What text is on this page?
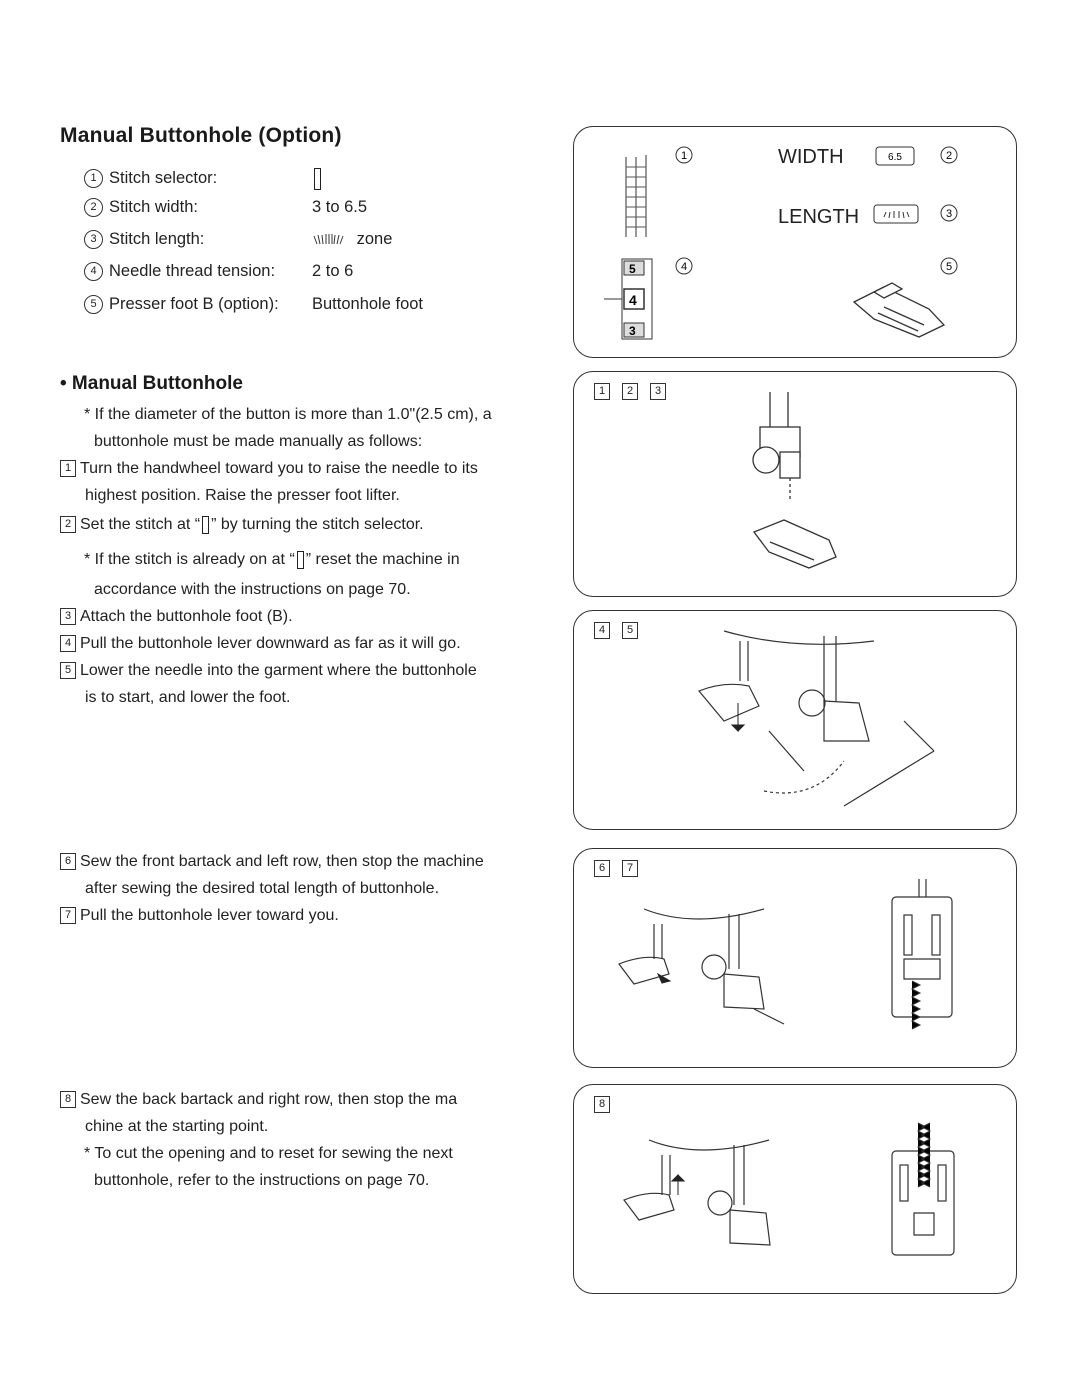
Manual Buttonhole (Option)
1 Stitch selector:
2 Stitch width:	3 to 6.5
3 Stitch length:	zone
4 Needle thread tension: 2 to 6
5 Presser foot B (option): Buttonhole foot
• Manual Buttonhole
* If the diameter of the button is more than 1.0"(2.5 cm), a
buttonhole must be made manually as follows:
1 Turn the handwheel toward you to raise the needle to its
highest position. Raise the presser foot lifter.
2 Set the stitch at “ ” by turning the stitch selector.
* If the stitch is already on at “ ” reset the machine in
accordance with the instructions on page 70.
3 Attach the buttonhole foot (B).
4 Pull the buttonhole lever downward as far as it will go.
5 Lower the needle into the garment where the buttonhole
is to start, and lower the foot.
6 Sew the front bartack and left row, then stop the machine
after sewing the desired total length of buttonhole.
7 Pull the buttonhole lever toward you.
8 Sew the back bartack and right row, then stop the ma
chine at the starting point.
* To cut the opening and to reset for sewing the next
buttonhole, refer to the instructions on page 70.
5
4
3
1	2
3
4	5
WIDTH	6.5
LENGTH
1 2 3
4 5
6 7
8
